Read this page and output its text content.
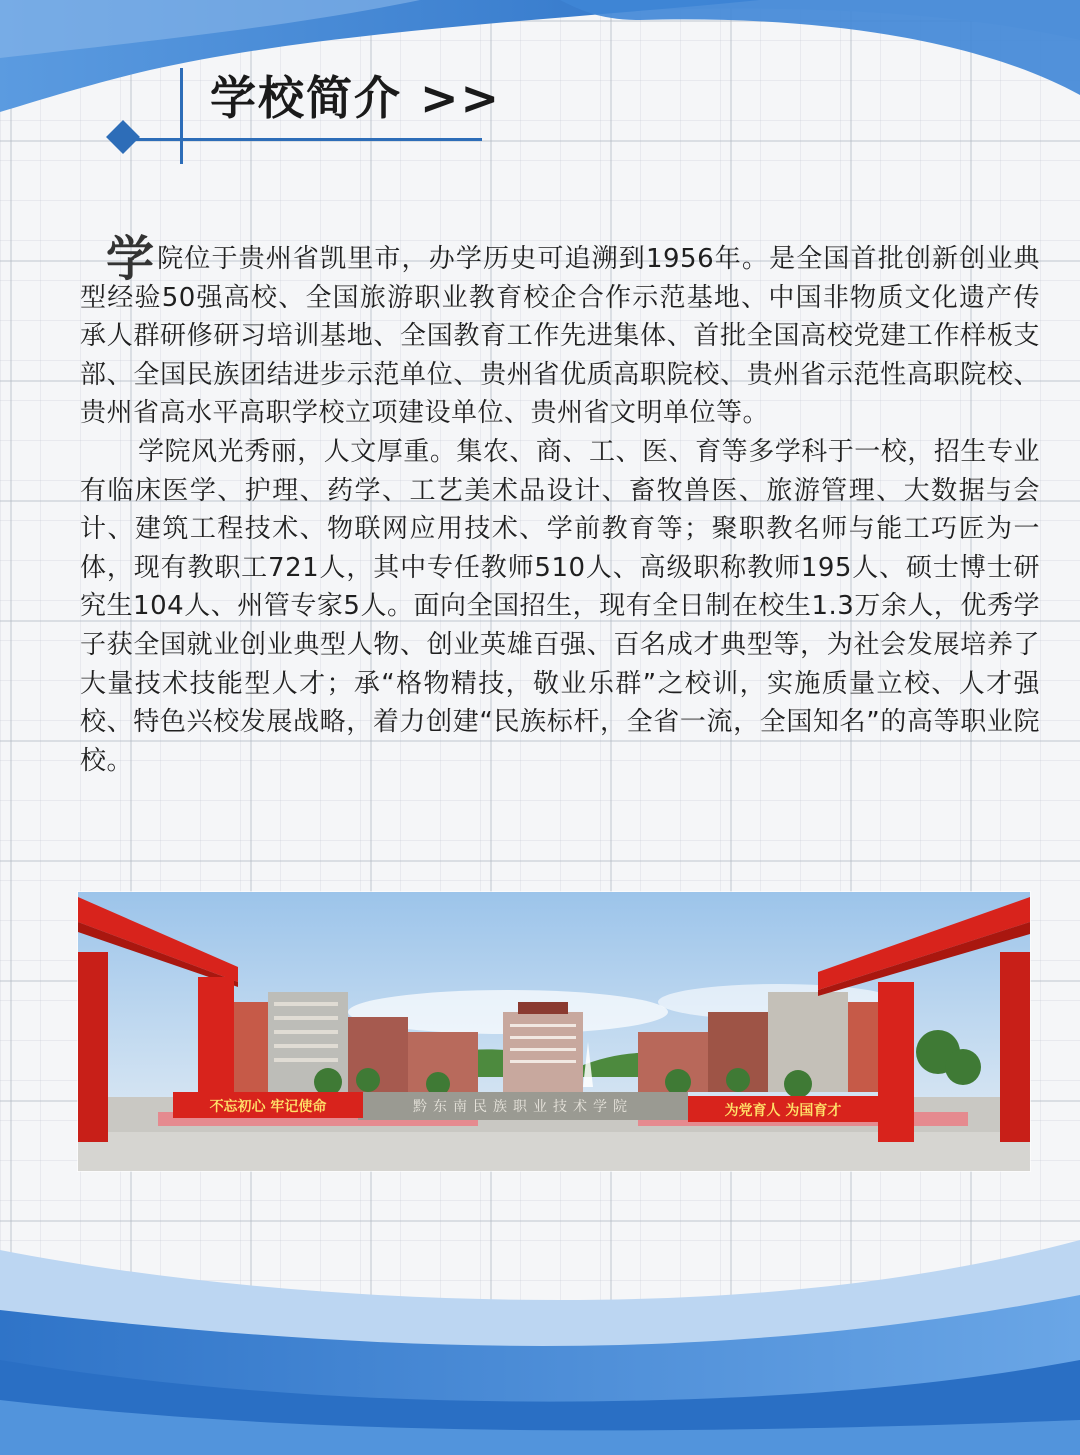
学校简介 >>

学院位于贵州省凯里市，办学历史可追溯到1956年。是全国首批创新创业典型经验50强高校、全国旅游职业教育校企合作示范基地、中国非物质文化遗产传承人群研修研习培训基地、全国教育工作先进集体、首批全国高校党建工作样板支部、全国民族团结进步示范单位、贵州省优质高职院校、贵州省示范性高职院校、贵州省高水平高职学校立项建设单位、贵州省文明单位等。

学院风光秀丽，人文厚重。集农、商、工、医、育等多学科于一校，招生专业有临床医学、护理、药学、工艺美术品设计、畜牧兽医、旅游管理、大数据与会计、建筑工程技术、物联网应用技术、学前教育等；聚职教名师与能工巧匠为一体，现有教职工721人，其中专任教师510人、高级职称教师195人、硕士博士研究生104人、州管专家5人。面向全国招生，现有全日制在校生1.3万余人，优秀学子获全国就业创业典型人物、创业英雄百强、百名成才典型等，为社会发展培养了大量技术技能型人才；承“格物精技，敬业乐群”之校训，实施质量立校、人才强校、特色兴校发展战略，着力创建“民族标杆，全省一流，全国知名”的高等职业院校。

不忘初心 牢记使命	为党育人 为国育才
黔东南民族职业技术学院
